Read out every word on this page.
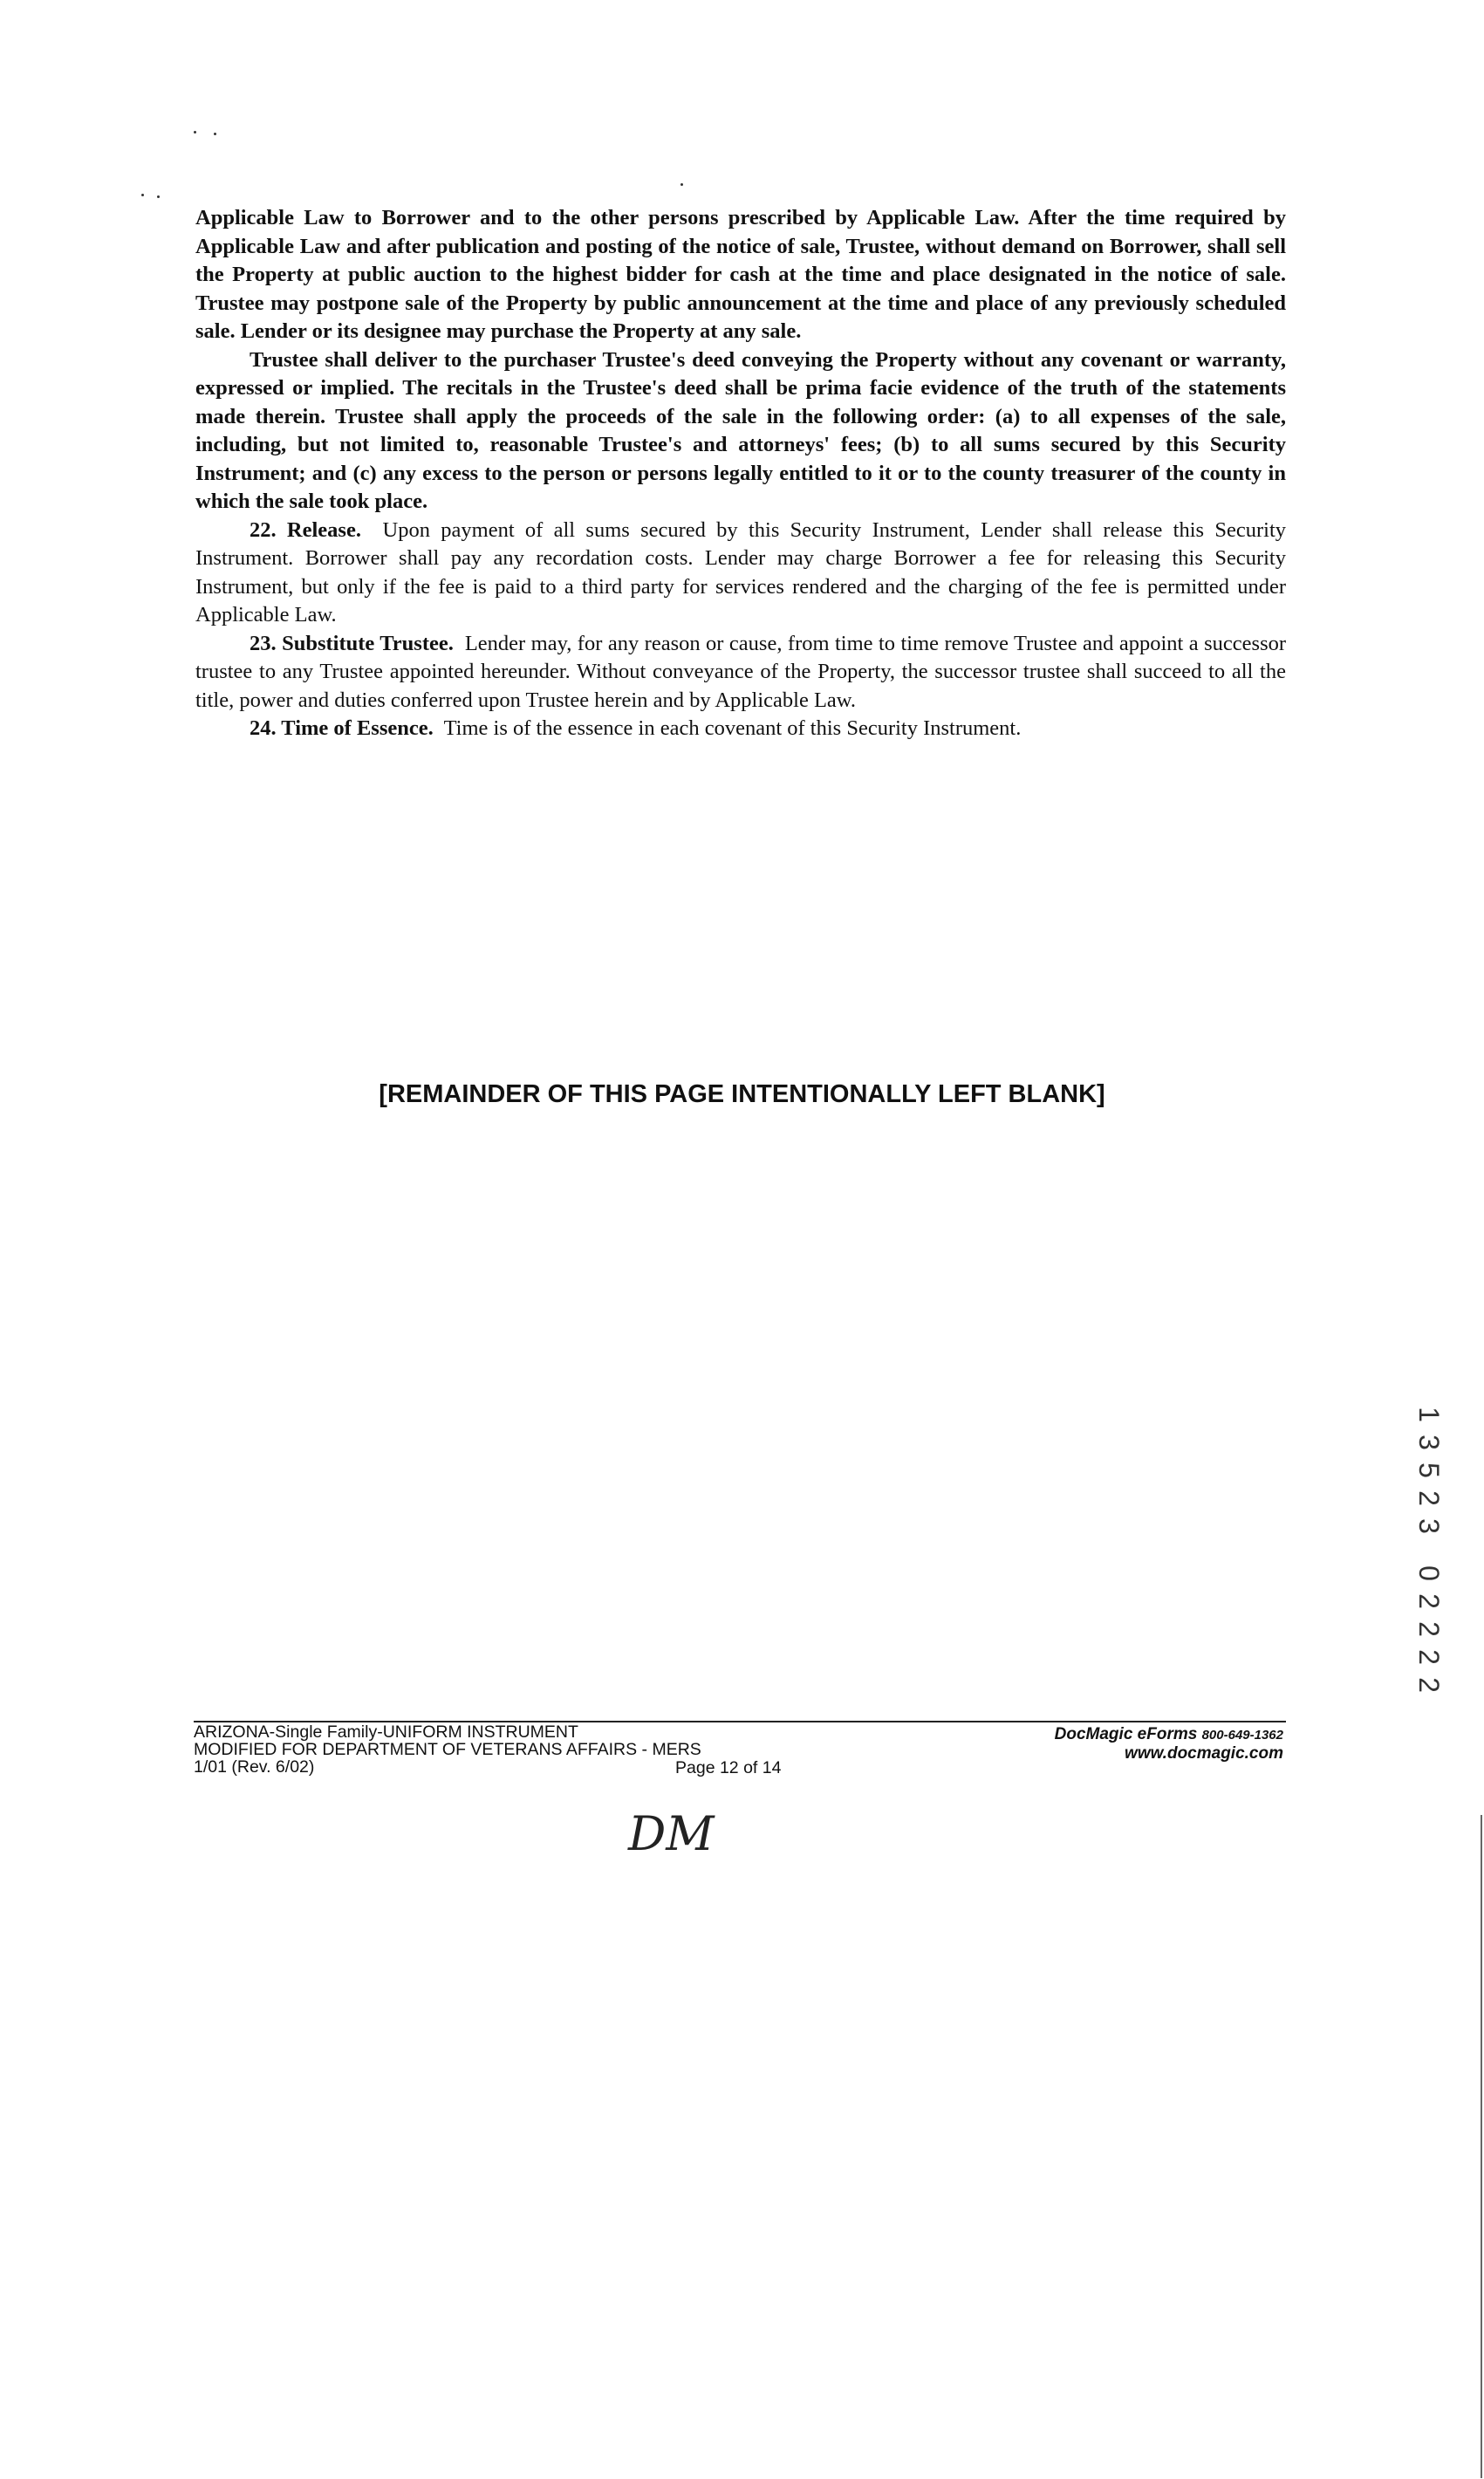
Applicable Law to Borrower and to the other persons prescribed by Applicable Law. After the time required by Applicable Law and after publication and posting of the notice of sale, Trustee, without demand on Borrower, shall sell the Property at public auction to the highest bidder for cash at the time and place designated in the notice of sale. Trustee may postpone sale of the Property by public announcement at the time and place of any previously scheduled sale. Lender or its designee may purchase the Property at any sale.

Trustee shall deliver to the purchaser Trustee's deed conveying the Property without any covenant or warranty, expressed or implied. The recitals in the Trustee's deed shall be prima facie evidence of the truth of the statements made therein. Trustee shall apply the proceeds of the sale in the following order: (a) to all expenses of the sale, including, but not limited to, reasonable Trustee's and attorneys' fees; (b) to all sums secured by this Security Instrument; and (c) any excess to the person or persons legally entitled to it or to the county treasurer of the county in which the sale took place.

22. Release. Upon payment of all sums secured by this Security Instrument, Lender shall release this Security Instrument. Borrower shall pay any recordation costs. Lender may charge Borrower a fee for releasing this Security Instrument, but only if the fee is paid to a third party for services rendered and the charging of the fee is permitted under Applicable Law.

23. Substitute Trustee. Lender may, for any reason or cause, from time to time remove Trustee and appoint a successor trustee to any Trustee appointed hereunder. Without conveyance of the Property, the successor trustee shall succeed to all the title, power and duties conferred upon Trustee herein and by Applicable Law.

24. Time of Essence. Time is of the essence in each covenant of this Security Instrument.

[REMAINDER OF THIS PAGE INTENTIONALLY LEFT BLANK]
ARIZONA-Single Family-UNIFORM INSTRUMENT
MODIFIED FOR DEPARTMENT OF VETERANS AFFAIRS - MERS
1/01 (Rev. 6/02)	Page 12 of 14
DocMagic eForms 800-649-1362
www.docmagic.com
DM
1
3
5
2
3
0
2
2
2
2
